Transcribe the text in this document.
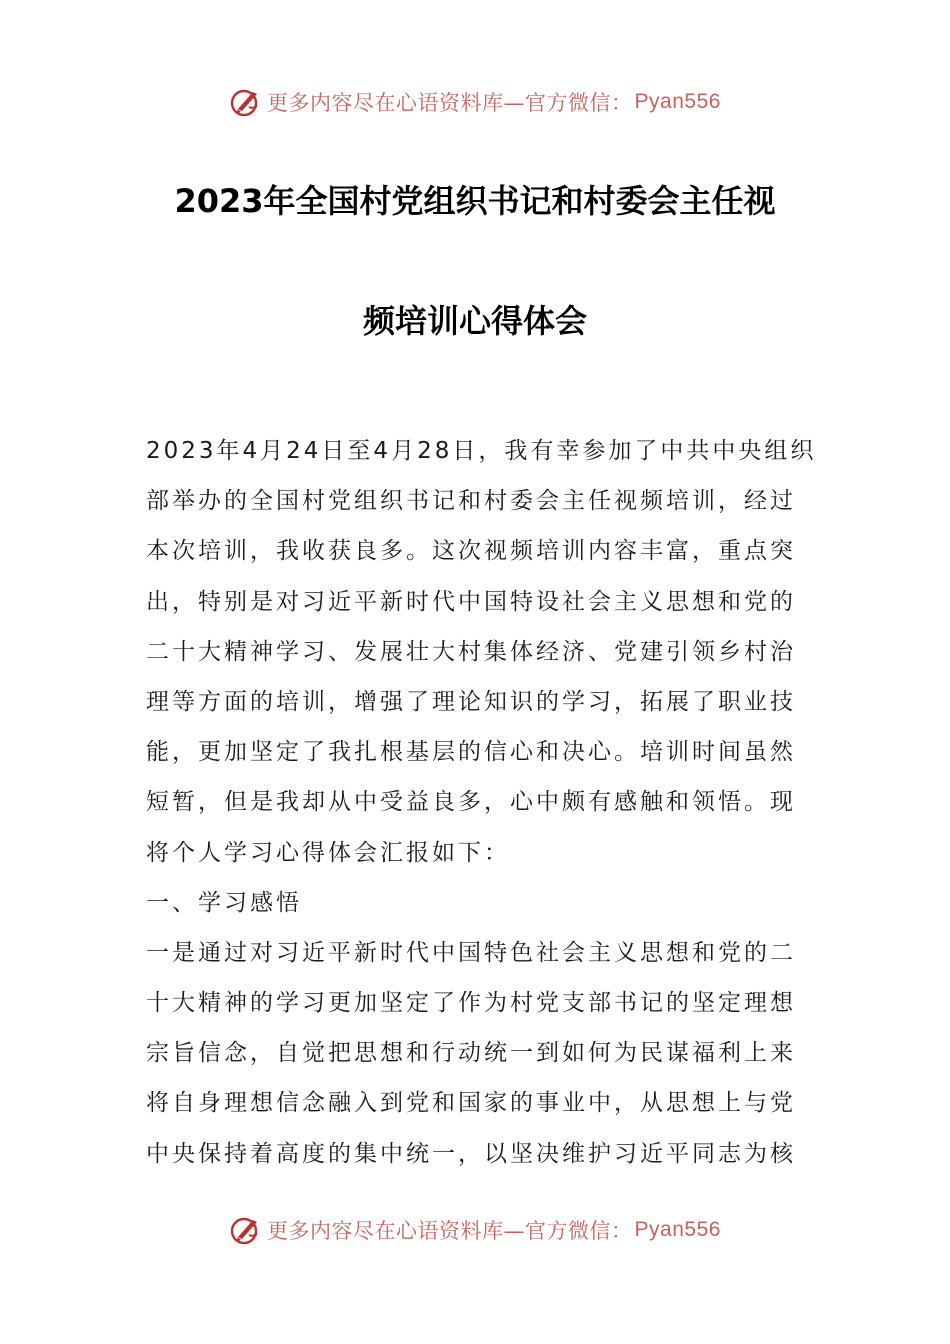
更多内容尽在心语资料库—官方微信： Pyan556
2023年全国村党组织书记和村委会主任视
频培训心得体会
2023年4月24日至4月28日，我有幸参加了中共中央组织
部举办的全国村党组织书记和村委会主任视频培训，经过
本次培训，我收获良多。这次视频培训内容丰富，重点突
出，特别是对习近平新时代中国特设社会主义思想和党的
二十大精神学习、发展壮大村集体经济、党建引领乡村治
理等方面的培训，增强了理论知识的学习，拓展了职业技
能，更加坚定了我扎根基层的信心和决心。培训时间虽然
短暂，但是我却从中受益良多，心中颇有感触和领悟。现
将个人学习心得体会汇报如下：
一、学习感悟
一是通过对习近平新时代中国特色社会主义思想和党的二
十大精神的学习更加坚定了作为村党支部书记的坚定理想
宗旨信念，自觉把思想和行动统一到如何为民谋福利上来
将自身理想信念融入到党和国家的事业中，从思想上与党
中央保持着高度的集中统一，以坚决维护习近平同志为核
更多内容尽在心语资料库—官方微信： Pyan556
